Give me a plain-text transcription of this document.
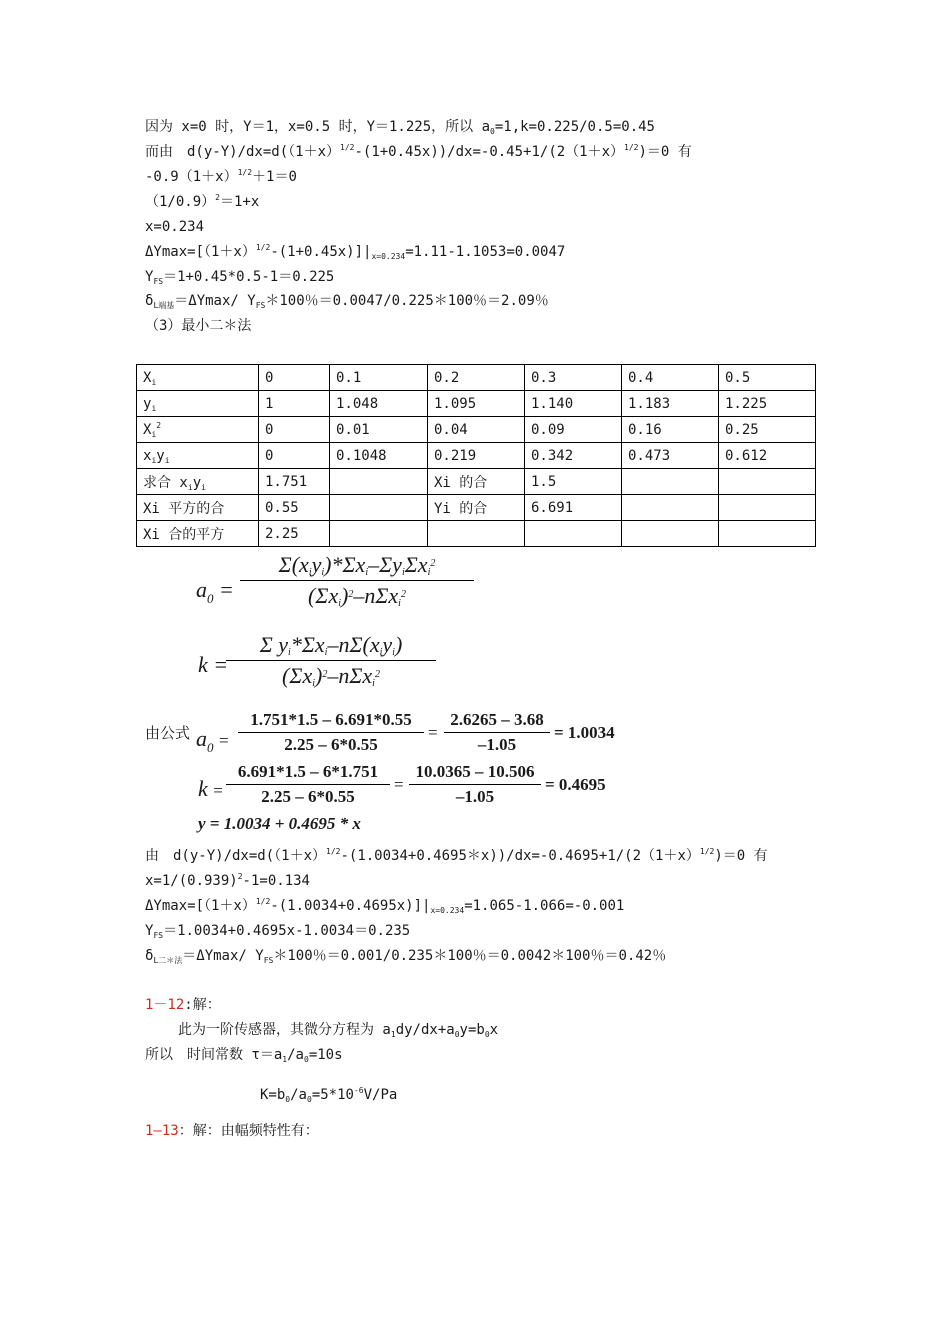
因为 x=0 时，Y＝1，x=0.5 时，Y＝1.225，所以 $a_0=1,k=0.225/0.5=0.45$
而由　$d(y-Y)/dx=d((1+x)^{1/2}-(1+0.45x))/dx=-0.45+1/(2(1+x)^{1/2})=0$ 有
$-0.9(1+x)^{1/2}+1=0$
$(1/0.9)^2=1+x$
x=0.234
$\Delta Ymax=[(1+x)^{1/2}-(1+0.45x)]|_{x=0.234}=1.11-1.1053=0.0047$
$Y_{FS}=1+0.45*0.5-1=0.225$
$\delta_{L端基}=\Delta Ymax/$ $Y_{FS}*100$％＝0.0047/0.225＊100％＝2.09％
（3）最小二＊法
$X_i$	0	0.1	0.2	0.3	0.4	0.5
$y_i$	1	1.048	1.095	1.140	1.183	1.225
$X_i^2$	0	0.01	0.04	0.09	0.16	0.25
$x_iy_i$	0	0.1048	0.219	0.342	0.473	0.612
求合 $x_iy_i$	1.751		Xi 的合	1.5		
Xi 平方的合	0.55		Yi 的合	6.691		
Xi 合的平方	2.25					
$a_0$ =
$\Sigma(x_iy_i)*\Sigma x_i-\Sigma y_i\Sigma x_i^2$
$(\Sigma x_i)^2-n\Sigma x_i^2$
k =
Σ $y_i*\Sigma x_i-n\Sigma(x_iy_i)$
$(\Sigma x_i)^2-n\Sigma x_i^2$
由公式 $a_0$ =
1.751*1.5 – 6.691*0.55
2.25 – 6*0.55
=
2.6265 – 3.68
–1.05
= 1.0034
k =
6.691*1.5 – 6*1.751
2.25 – 6*0.55
=
10.0365 – 10.506
–1.05
= 0.4695
y = 1.0034 + 0.4695 * x
由　$d(y-Y)/dx=d((1+x)^{1/2}-(1.0034+0.4695*x))/dx=-0.4695+1/(2(1+x)^{1/2})=0$ 有
$x=1/(0.939)^2-1=0.134$
$\Delta Ymax=[(1+x)^{1/2}-(1.0034+0.4695x)]|_{x=0.234}=1.065-1.066=-0.001$
$Y_{FS}=1.0034+0.4695x-1.0034=0.235$
$\delta_{L二*法}=\Delta Ymax/$ $Y_{FS}*100$％＝0.001/0.235＊100％＝0.0042＊100％＝0.42％
1－12:解：
此为一阶传感器，其微分方程为 $a_1dy/dx+a_0y=b_0x$
所以　时间常数 $\tau=a_1/a_0=10s$
$K=b_0/a_0=5*10^{-6}V/Pa$
1—13：解：由幅频特性有：
